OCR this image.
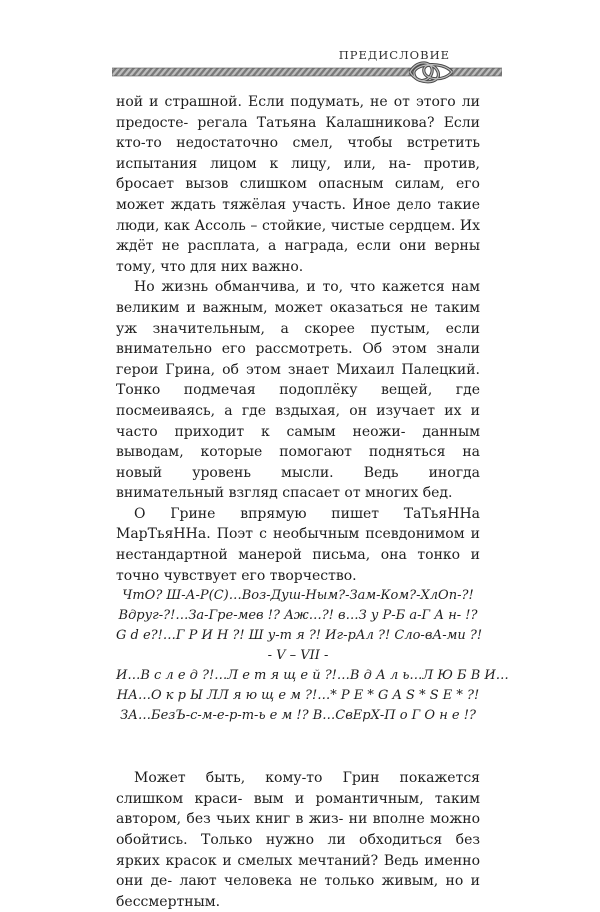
ПРЕДИСЛОВИЕ

ной и страшной. Если подумать, не от этого ли предосте- регала Татьяна Калашникова? Если кто-то недостаточно смел, чтобы встретить испытания лицом к лицу, или, на- против, бросает вызов слишком опасным силам, его может ждать тяжёлая участь. Иное дело такие люди, как Ассоль – стойкие, чистые сердцем. Их ждёт не расплата, а награда, если они верны тому, что для них важно.

Но жизнь обманчива, и то, что кажется нам великим и важным, может оказаться не таким уж значительным, а скорее пустым, если внимательно его рассмотреть. Об этом знали герои Грина, об этом знает Михаил Палецкий. Тонко подмечая подоплёку вещей, где посмеиваясь, а где вздыхая, он изучает их и часто приходит к самым неожи- данным выводам, которые помогают подняться на новый уровень мысли. Ведь иногда внимательный взгляд спасает от многих бед.

О Грине впрямую пишет ТаТьяННа МарТьяННа. Поэт с необычным псевдонимом и нестандартной манерой письма, она тонко и точно чувствует его творчество.

ЧтО? Ш-А-Р(С)…Воз-Душ-Ным?-Зам-Ком?-ХлОп-?!
Вдруг-?!…За-Гре-мев !? Аж…?! в…З у Р-Б а-Г А н- !?
G d e?!…Г Р И Н ?! Ш у-т я ?! Иг-рАл ?! Сло-вА-ми ?!
- V – VII -
И…В с л е д ?!…Л е т я щ е й ?!…В д А л ь…Л Ю Б В И…
НА…О к р Ы ЛЛ я ю щ е м ?!…* Р Е * G A S * S E * ?!
ЗА…БезЪ-с-м-е-р-т-ь е м !? В…СвЕрХ-П о Г О н е !?

Может быть, кому-то Грин покажется слишком краси- вым и романтичным, таким автором, без чьих книг в жиз- ни вполне можно обойтись. Только нужно ли обходиться без ярких красок и смелых мечтаний? Ведь именно они де- лают человека не только живым, но и бессмертным.
